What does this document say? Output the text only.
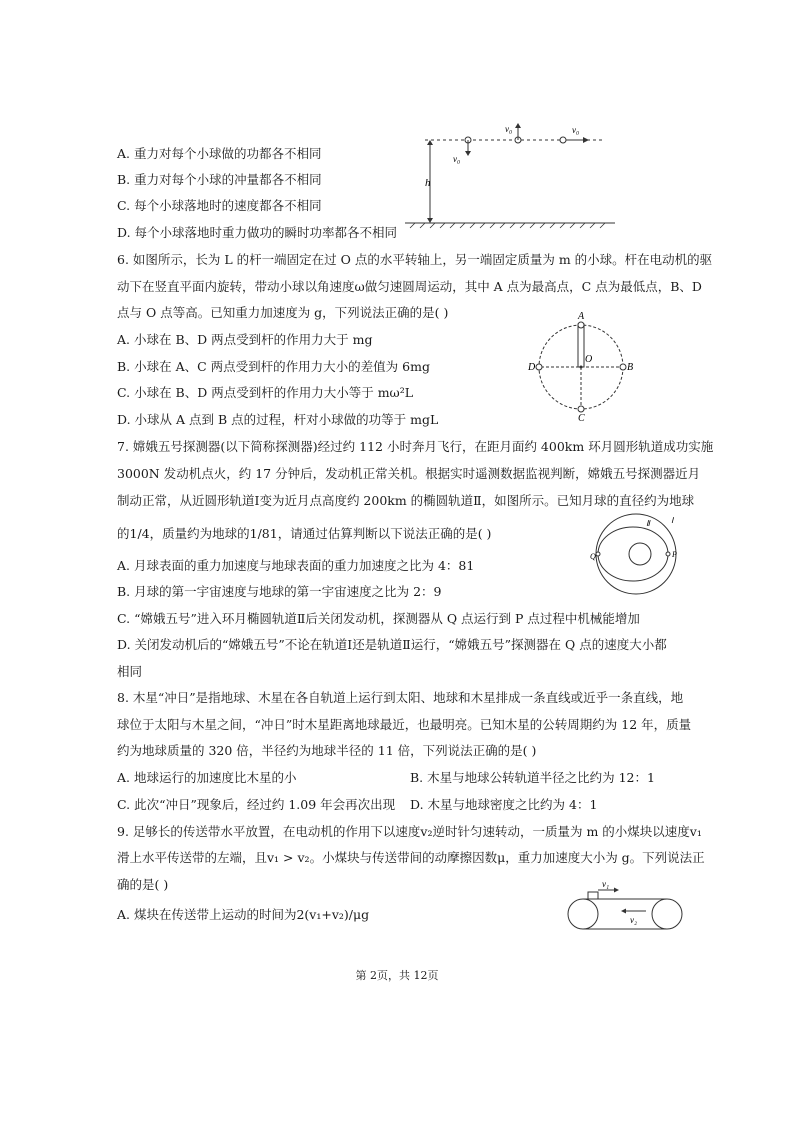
A. 重力对每个小球做的功都各不相同
B. 重力对每个小球的冲量都各不相同
C. 每个小球落地时的速度都各不相同
D. 每个小球落地时重力做功的瞬时功率都各不相同
v₀
v₀	v₀
h
6. 如图所示，长为 L 的杆一端固定在过 O 点的水平转轴上，另一端固定质量为 m 的小球。杆在电动机的驱
动下在竖直平面内旋转，带动小球以角速度ω做匀速圆周运动，其中 A 点为最高点，C 点为最低点，B、D
点与 O 点等高。已知重力加速度为 g，下列说法正确的是( )
A. 小球在 B、D 两点受到杆的作用力大于 mg
B. 小球在 A、C 两点受到杆的作用力大小的差值为 6mg
C. 小球在 B、D 两点受到杆的作用力大小等于 mω²L
D. 小球从 A 点到 B 点的过程，杆对小球做的功等于 mgL
A
B
D
C
O
7. 嫦娥五号探测器(以下简称探测器)经过约 112 小时奔月飞行，在距月面约 400km 环月圆形轨道成功实施
3000N 发动机点火，约 17 分钟后，发动机正常关机。根据实时遥测数据监视判断，嫦娥五号探测器近月
制动正常，从近圆形轨道Ⅰ变为近月点高度约 200km 的椭圆轨道Ⅱ，如图所示。已知月球的直径约为地球
的1/4，质量约为地球的1/81，请通过估算判断以下说法正确的是( )
A. 月球表面的重力加速度与地球表面的重力加速度之比为 4：81
B. 月球的第一宇宙速度与地球的第一宇宙速度之比为 2：9
C. “嫦娥五号”进入环月椭圆轨道Ⅱ后关闭发动机，探测器从 Q 点运行到 P 点过程中机械能增加
D. 关闭发动机后的“嫦娥五号”不论在轨道Ⅰ还是轨道Ⅱ运行，“嫦娥五号”探测器在 Q 点的速度大小都
相同
Q	P
Ⅱ	Ⅰ
8. 木星“冲日”是指地球、木星在各自轨道上运行到太阳、地球和木星排成一条直线或近乎一条直线，地
球位于太阳与木星之间，“冲日”时木星距离地球最近，也最明亮。已知木星的公转周期约为 12 年，质量
约为地球质量的 320 倍，半径约为地球半径的 11 倍，下列说法正确的是( )
A. 地球运行的加速度比木星的小	B. 木星与地球公转轨道半径之比约为 12：1
C. 此次“冲日”现象后，经过约 1.09 年会再次出现 D. 木星与地球密度之比约为 4：1
9. 足够长的传送带水平放置，在电动机的作用下以速度v₂逆时针匀速转动，一质量为 m 的小煤块以速度v₁
滑上水平传送带的左端，且v₁ > v₂。小煤块与传送带间的动摩擦因数μ，重力加速度大小为 g。下列说法正
确的是( )
A. 煤块在传送带上运动的时间为2(v₁+v₂)/μg
v₁
v₂
第 2页，共 12页
